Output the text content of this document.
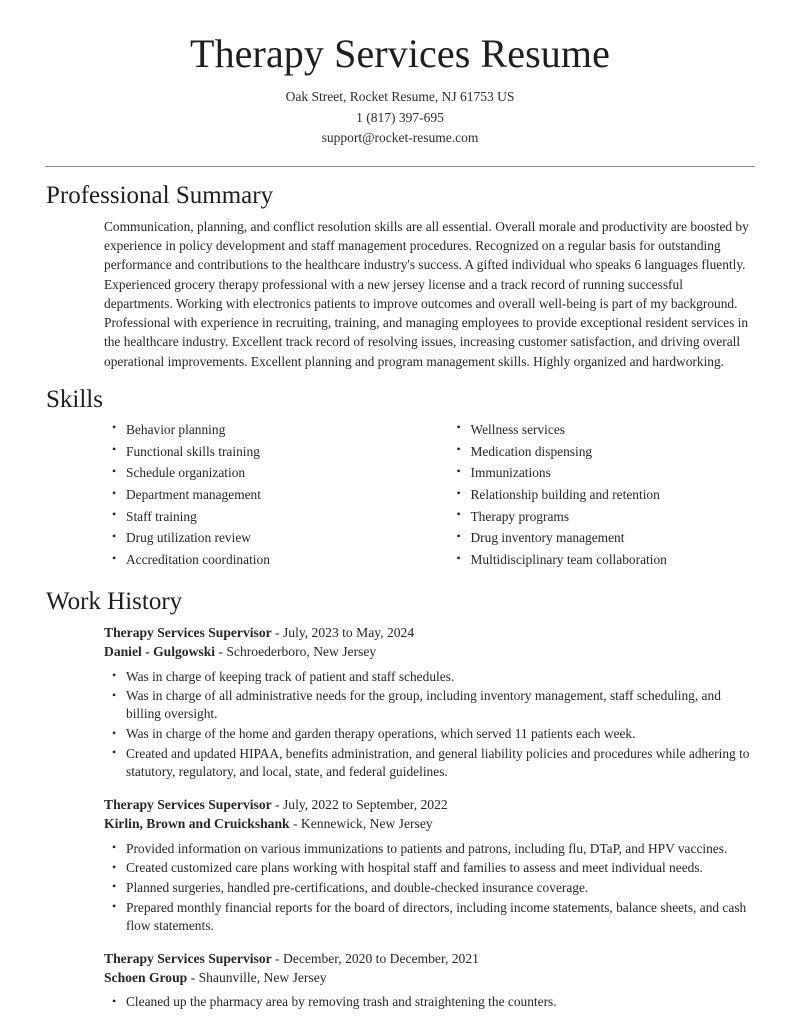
Therapy Services Resume
Oak Street, Rocket Resume, NJ 61753 US
1 (817) 397-695
support@rocket-resume.com
Professional Summary

Communication, planning, and conflict resolution skills are all essential. Overall morale and productivity are boosted by experience in policy development and staff management procedures. Recognized on a regular basis for outstanding performance and contributions to the healthcare industry's success. A gifted individual who speaks 6 languages fluently. Experienced grocery therapy professional with a new jersey license and a track record of running successful departments. Working with electronics patients to improve outcomes and overall well-being is part of my background. Professional with experience in recruiting, training, and managing employees to provide exceptional resident services in the healthcare industry. Excellent track record of resolving issues, increasing customer satisfaction, and driving overall operational improvements. Excellent planning and program management skills. Highly organized and hardworking.

Skills
• Behavior planning
• Functional skills training
• Schedule organization
• Department management
• Staff training
• Drug utilization review
• Accreditation coordination
• Wellness services
• Medication dispensing
• Immunizations
• Relationship building and retention
• Therapy programs
• Drug inventory management
• Multidisciplinary team collaboration
Work History
Therapy Services Supervisor - July, 2023 to May, 2024
Daniel - Gulgowski - Schroederboro, New Jersey
• Was in charge of keeping track of patient and staff schedules.
• Was in charge of all administrative needs for the group, including inventory management, staff scheduling, and billing oversight.
• Was in charge of the home and garden therapy operations, which served 11 patients each week.
• Created and updated HIPAA, benefits administration, and general liability policies and procedures while adhering to statutory, regulatory, and local, state, and federal guidelines.
Therapy Services Supervisor - July, 2022 to September, 2022
Kirlin, Brown and Cruickshank - Kennewick, New Jersey
• Provided information on various immunizations to patients and patrons, including flu, DTaP, and HPV vaccines.
• Created customized care plans working with hospital staff and families to assess and meet individual needs.
• Planned surgeries, handled pre-certifications, and double-checked insurance coverage.
• Prepared monthly financial reports for the board of directors, including income statements, balance sheets, and cash flow statements.
Therapy Services Supervisor - December, 2020 to December, 2021
Schoen Group - Shaunville, New Jersey
• Cleaned up the pharmacy area by removing trash and straightening the counters.
